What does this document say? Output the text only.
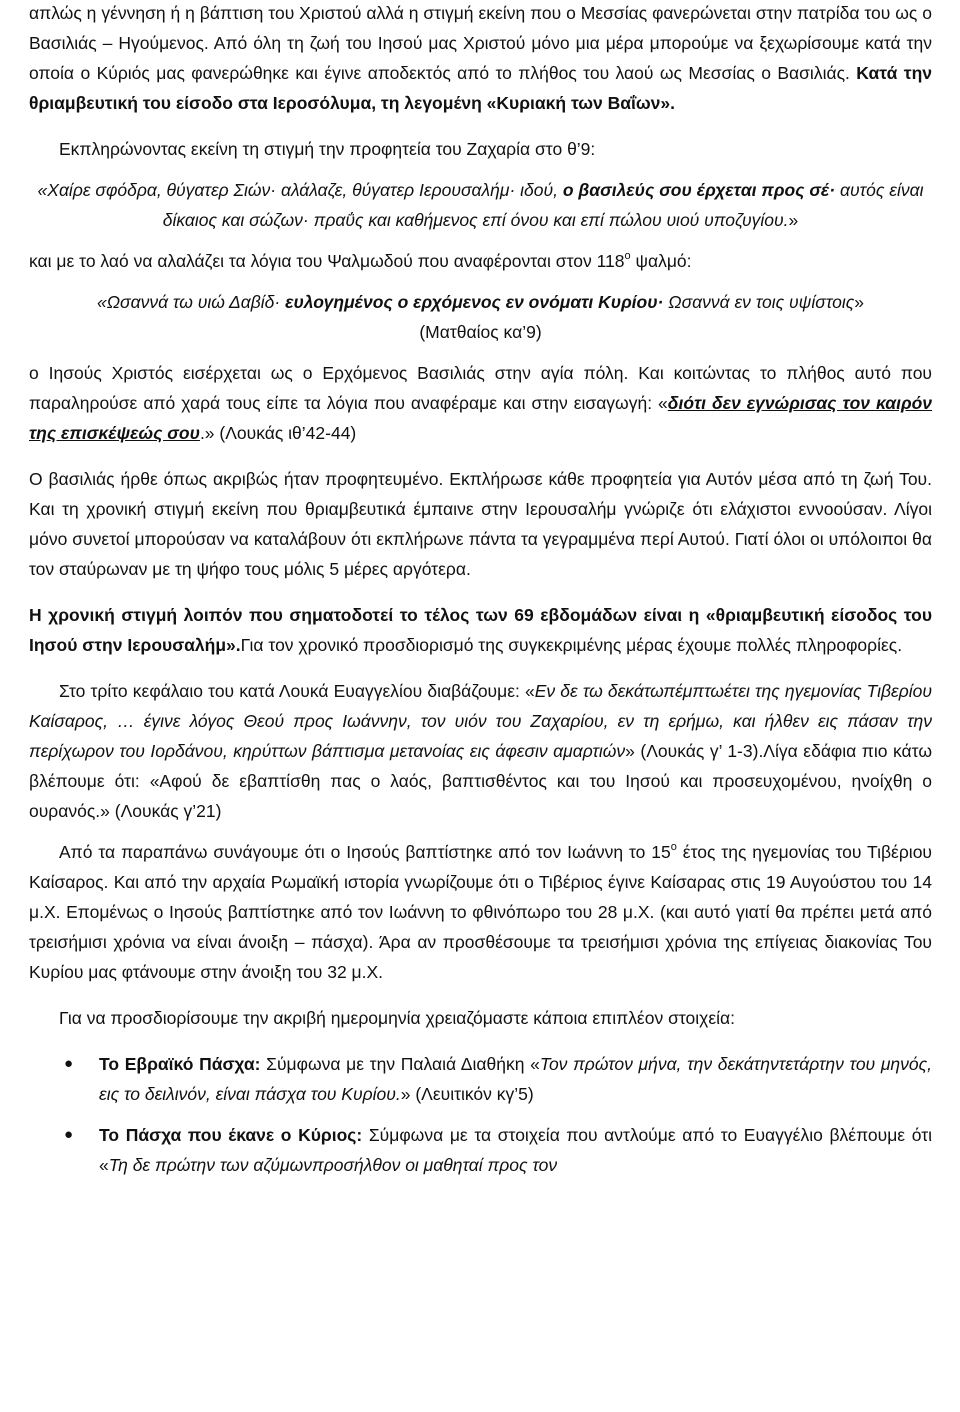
απλώς η γέννηση ή η βάπτιση του Χριστού αλλά η στιγμή εκείνη που ο Μεσσίας φανερώνεται στην πατρίδα του ως ο Βασιλιάς – Ηγούμενος. Από όλη τη ζωή του Ιησού μας Χριστού μόνο μια μέρα μπορούμε να ξεχωρίσουμε κατά την οποία ο Κύριός μας φανερώθηκε και έγινε αποδεκτός από το πλήθος του λαού ως Μεσσίας ο Βασιλιάς. Κατά την θριαμβευτική του είσοδο στα Ιεροσόλυμα, τη λεγομένη «Κυριακή των Βαΐων».

Εκπληρώνοντας εκείνη τη στιγμή την προφητεία του Ζαχαρία στο θ’9:

«Χαίρε σφόδρα, θύγατερ Σιών· αλάλαζε, θύγατερ Ιερουσαλήμ· ιδού, ο βασιλεύς σου έρχεται προς σέ· αυτός είναι δίκαιος και σώζων· πραΰς και καθήμενος επί όνου και επί πώλου υιού υποζυγίου.»

και με το λαό να αλαλάζει τα λόγια του Ψαλμωδού που αναφέρονται στον $118^o$ ψαλμό:

«Ωσαννά τω υιώ Δαβίδ· ευλογημένος ο ερχόμενος εν ονόματι Κυρίου· Ωσαννά εν τοις υψίστοις» (Ματθαίος κα’9)

ο Ιησούς Χριστός εισέρχεται ως ο Ερχόμενος Βασιλιάς στην αγία πόλη. Και κοιτώντας το πλήθος αυτό που παραληρούσε από χαρά τους είπε τα λόγια που αναφέραμε και στην εισαγωγή: «διότι δεν εγνώρισας τον καιρόν της επισκέψεώς σου.» (Λουκάς ιθ’42-44)

Ο βασιλιάς ήρθε όπως ακριβώς ήταν προφητευμένο. Εκπλήρωσε κάθε προφητεία για Αυτόν μέσα από τη ζωή Του. Και τη χρονική στιγμή εκείνη που θριαμβευτικά έμπαινε στην Ιερουσαλήμ γνώριζε ότι ελάχιστοι εννοούσαν. Λίγοι μόνο συνετοί μπορούσαν να καταλάβουν ότι εκπλήρωνε πάντα τα γεγραμμένα περί Αυτού. Γιατί όλοι οι υπόλοιποι θα τον σταύρωναν με τη ψήφο τους μόλις 5 μέρες αργότερα.

Η χρονική στιγμή λοιπόν που σηματοδοτεί το τέλος των 69 εβδομάδων είναι η «θριαμβευτική είσοδος του Ιησού στην Ιερουσαλήμ».Για τον χρονικό προσδιορισμό της συγκεκριμένης μέρας έχουμε πολλές πληροφορίες.

Στο τρίτο κεφάλαιο του κατά Λουκά Ευαγγελίου διαβάζουμε: «Εν δε τω δεκάτωπέμπτωέτει της ηγεμονίας Τιβερίου Καίσαρος, … έγινε λόγος Θεού προς Ιωάννην, τον υιόν του Ζαχαρίου, εν τη ερήμω, και ήλθεν εις πάσαν την περίχωρον του Ιορδάνου, κηρύττων βάπτισμα μετανοίας εις άφεσιν αμαρτιών» (Λουκάς γ’ 1-3).Λίγα εδάφια πιο κάτω βλέπουμε ότι: «Αφού δε εβαπτίσθη πας ο λαός, βαπτισθέντος και του Ιησού και προσευχομένου, ηνοίχθη ο ουρανός.» (Λουκάς γ’21)

Από τα παραπάνω συνάγουμε ότι ο Ιησούς βαπτίστηκε από τον Ιωάννη το $15^o$ έτος της ηγεμονίας του Τιβέριου Καίσαρος. Και από την αρχαία Ρωμαϊκή ιστορία γνωρίζουμε ότι ο Τιβέριος έγινε Καίσαρας στις 19 Αυγούστου του 14 μ.Χ. Επομένως ο Ιησούς βαπτίστηκε από τον Ιωάννη το φθινόπωρο του 28 μ.Χ. (και αυτό γιατί θα πρέπει μετά από τρεισήμισι χρόνια να είναι άνοιξη – πάσχα). Άρα αν προσθέσουμε τα τρεισήμισι χρόνια της επίγειας διακονίας Του Κυρίου μας φτάνουμε στην άνοιξη του 32 μ.Χ.

Για να προσδιορίσουμε την ακριβή ημερομηνία χρειαζόμαστε κάποια επιπλέον στοιχεία:

● Το Εβραϊκό Πάσχα: Σύμφωνα με την Παλαιά Διαθήκη «Τον πρώτον μήνα, την δεκάτηντετάρτην του μηνός, εις το δειλινόν, είναι πάσχα του Κυρίου.» (Λευιτικόν κγ’5)
● Το Πάσχα που έκανε ο Κύριος: Σύμφωνα με τα στοιχεία που αντλούμε από το Ευαγγέλιο βλέπουμε ότι «Τη δε πρώτην των αζύμωνπροσήλθον οι μαθηταί προς τον
